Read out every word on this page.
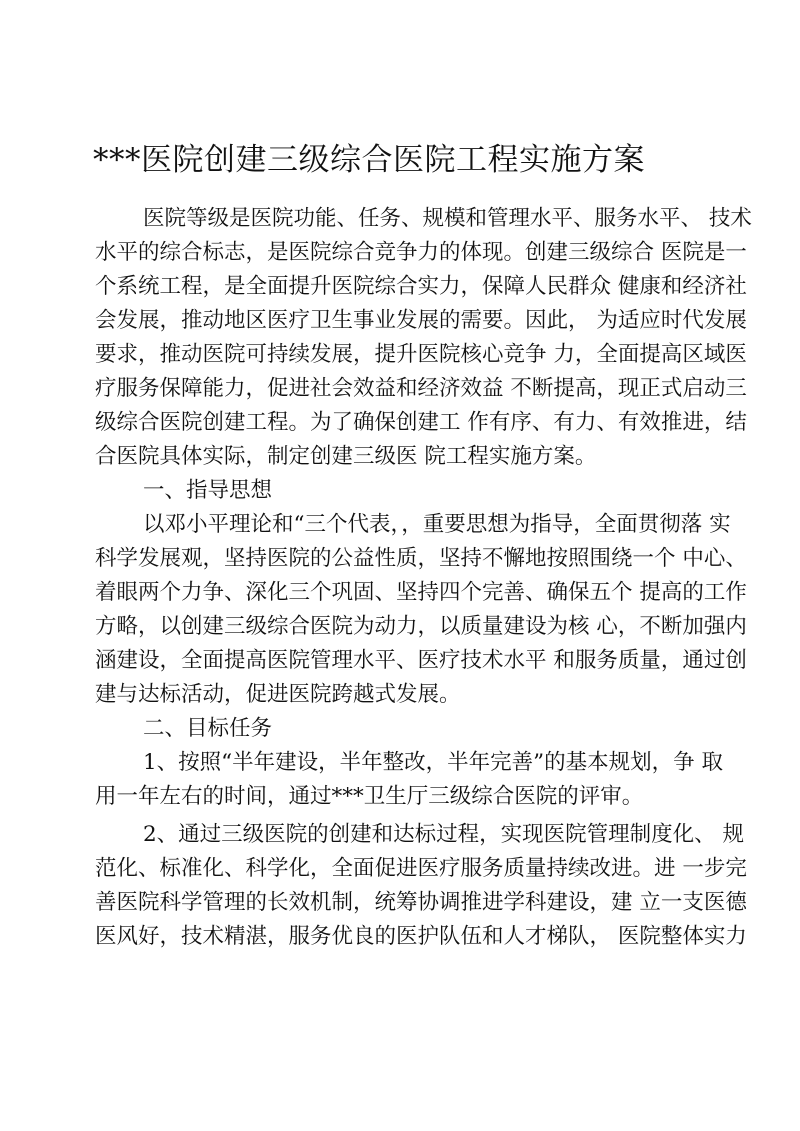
***医院创建三级综合医院工程实施方案
医院等级是医院功能、任务、规模和管理水平、服务水平、 技术
水平的综合标志，是医院综合竞争力的体现。创建三级综合 医院是一
个系统工程，是全面提升医院综合实力，保障人民群众 健康和经济社
会发展，推动地区医疗卫生事业发展的需要。因此， 为适应时代发展
要求，推动医院可持续发展，提升医院核心竞争 力，全面提高区域医
疗服务保障能力，促进社会效益和经济效益 不断提高，现正式启动三
级综合医院创建工程。为了确保创建工 作有序、有力、有效推进，结
合医院具体实际，制定创建三级医 院工程实施方案。
一、指导思想
以邓小平理论和“三个代表，，重要思想为指导，全面贯彻落 实
科学发展观，坚持医院的公益性质，坚持不懈地按照围绕一个 中心、
着眼两个力争、深化三个巩固、坚持四个完善、确保五个 提高的工作
方略，以创建三级综合医院为动力，以质量建设为核 心，不断加强内
涵建设，全面提高医院管理水平、医疗技术水平 和服务质量，通过创
建与达标活动，促进医院跨越式发展。
二、目标任务
1、按照“半年建设，半年整改，半年完善”的基本规划，争 取
用一年左右的时间，通过***卫生厅三级综合医院的评审。
2、通过三级医院的创建和达标过程，实现医院管理制度化、 规
范化、标准化、科学化，全面促进医疗服务质量持续改进。进 一步完
善医院科学管理的长效机制，统筹协调推进学科建设，建 立一支医德
医风好，技术精湛，服务优良的医护队伍和人才梯队， 医院整体实力
